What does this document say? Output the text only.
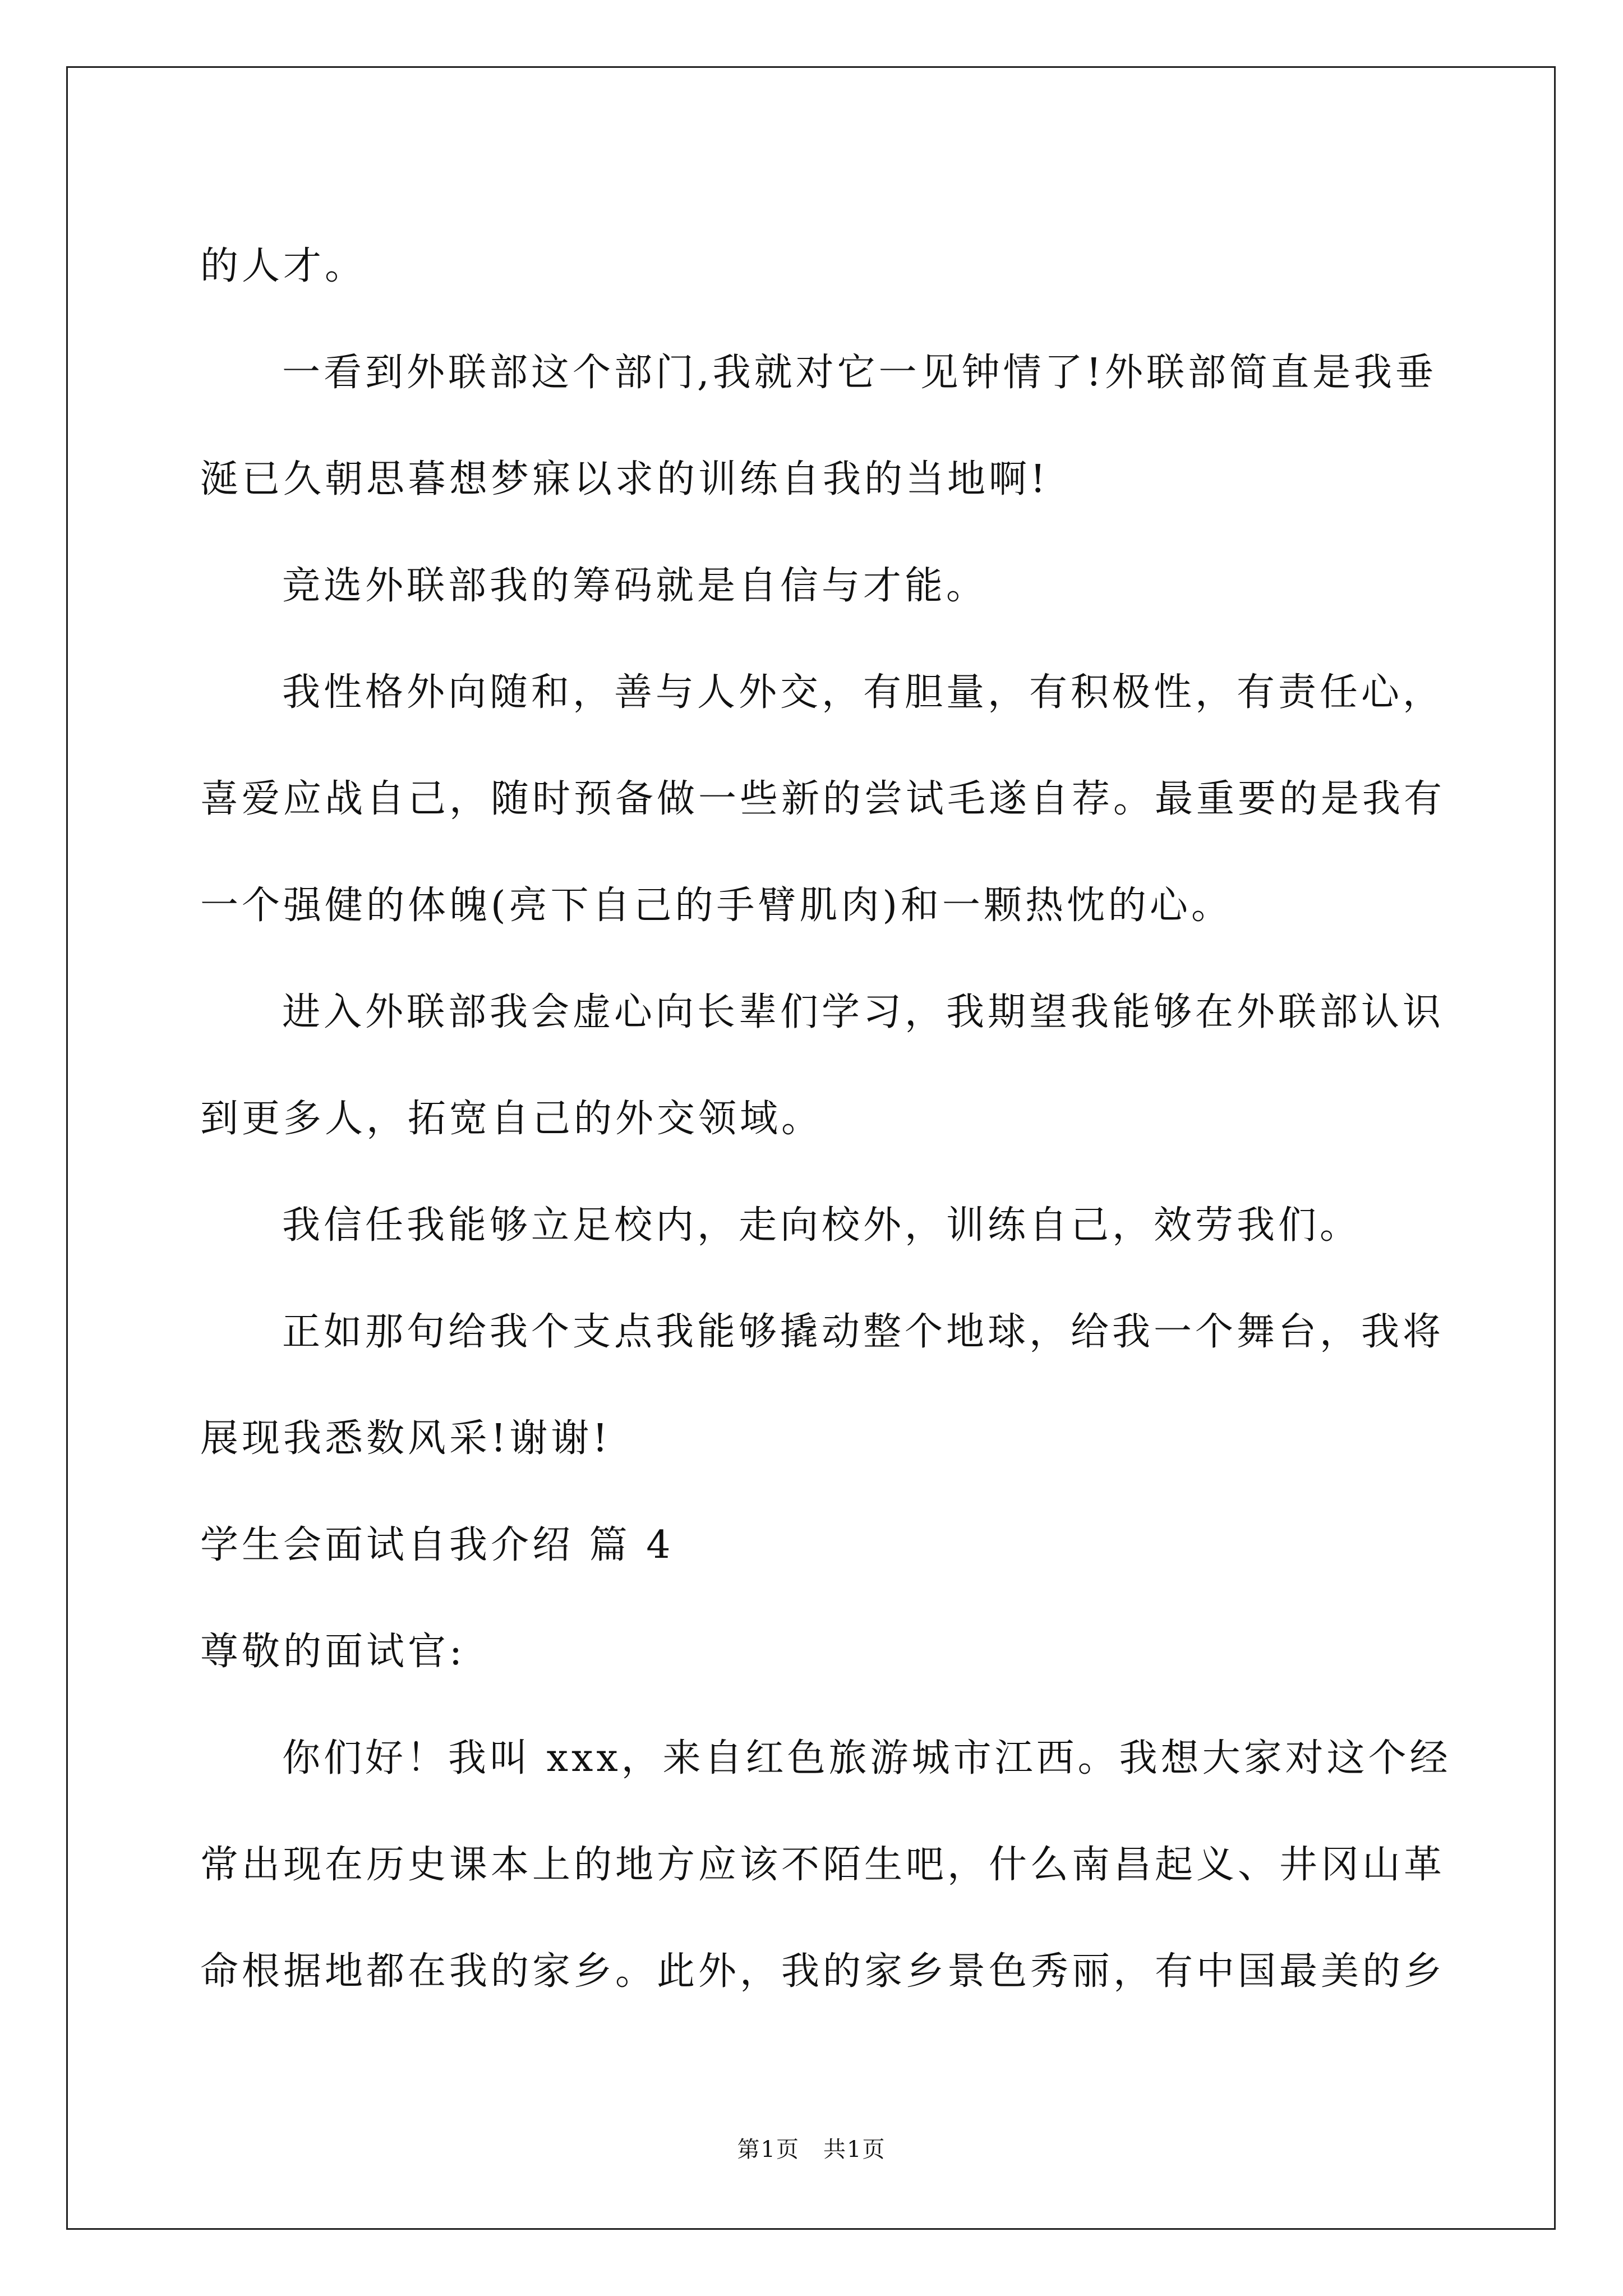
的人才。

一看到外联部这个部门,我就对它一见钟情了!外联部简直是我垂

涎已久朝思暮想梦寐以求的训练自我的当地啊!

竞选外联部我的筹码就是自信与才能。

我性格外向随和，善与人外交，有胆量，有积极性，有责任心，

喜爱应战自己，随时预备做一些新的尝试毛遂自荐。最重要的是我有

一个强健的体魄(亮下自己的手臂肌肉)和一颗热忱的心。

进入外联部我会虚心向长辈们学习，我期望我能够在外联部认识

到更多人，拓宽自己的外交领域。

我信任我能够立足校内，走向校外，训练自己，效劳我们。

正如那句给我个支点我能够撬动整个地球，给我一个舞台，我将

展现我悉数风采!谢谢!

学生会面试自我介绍 篇 4

尊敬的面试官:

你们好！我叫 xxx，来自红色旅游城市江西。我想大家对这个经

常出现在历史课本上的地方应该不陌生吧，什么南昌起义、井冈山革

命根据地都在我的家乡。此外，我的家乡景色秀丽，有中国最美的乡

第1页　共1页
